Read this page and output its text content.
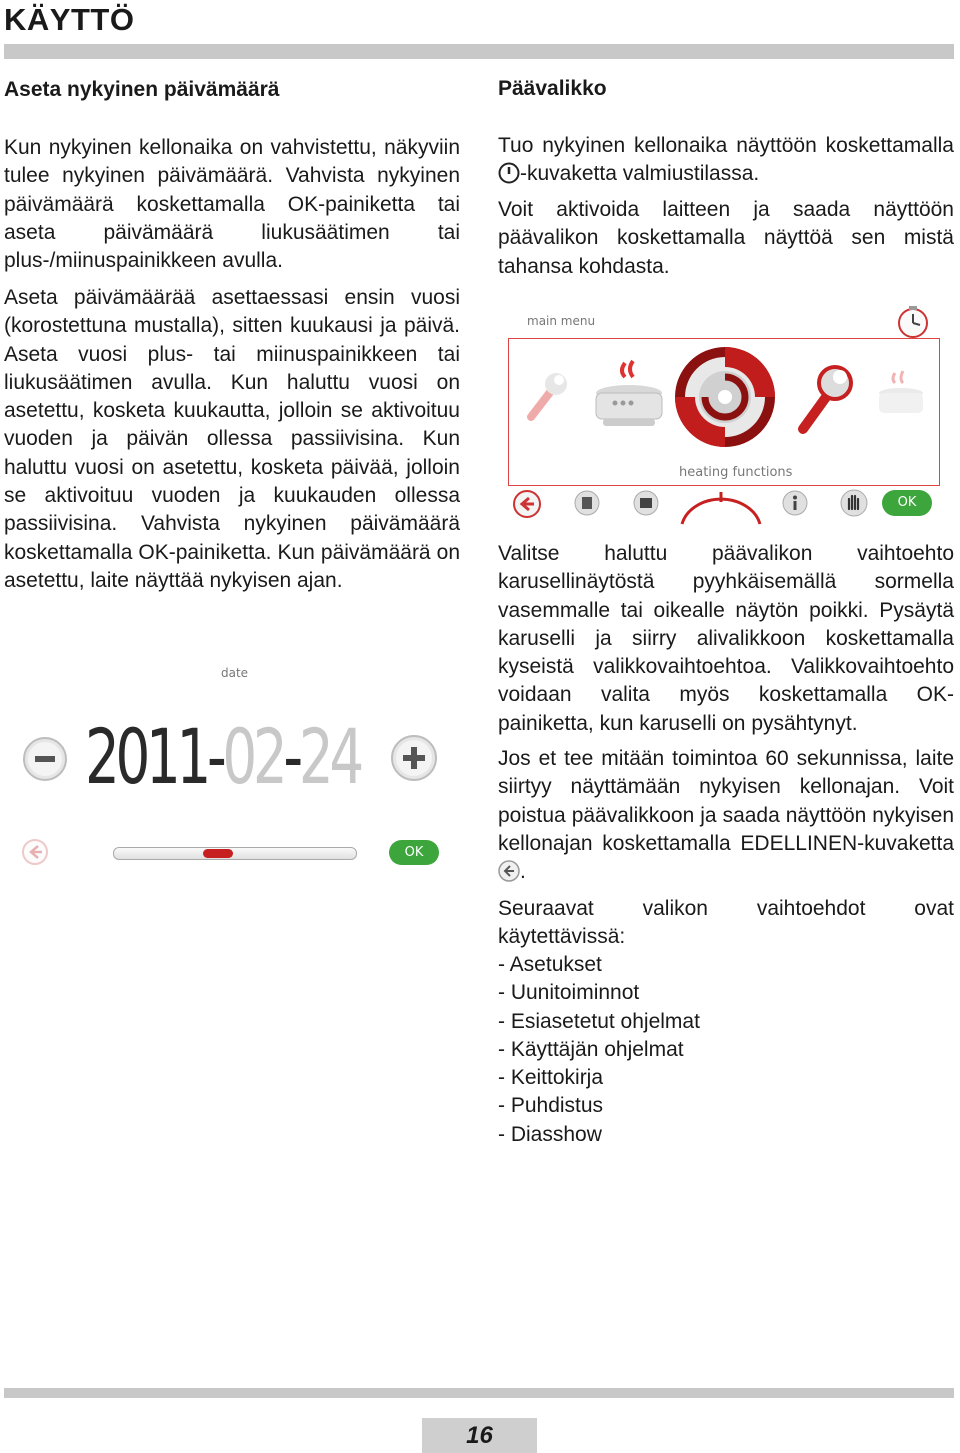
KÄYTTÖ
Aseta nykyinen päivämäärä

Kun nykyinen kellonaika on vahvistettu, näkyviin tulee nykyinen päivämäärä. Vahvista nykyinen päivämäärä koskettamalla OK-painiketta tai aseta päivämäärä liukusäätimen tai plus-/miinuspainikkeen avulla.

Aseta päivämäärää asettaessasi ensin vuosi (korostettuna mustalla), sitten kuukausi ja päivä. Aseta vuosi plus- tai miinuspainikkeen tai liukusäätimen avulla. Kun haluttu vuosi on asetettu, kosketa kuukautta, jolloin se aktivoituu vuoden ja päivän ollessa passiivisina. Kun haluttu vuosi on asetettu, kosketa päivää, jolloin se aktivoituu vuoden ja kuukauden ollessa passiivisina. Vahvista nykyinen päivämäärä koskettamalla OK-painiketta. Kun päivämäärä on asetettu, laite näyttää nykyisen ajan.

date
2011-02-24
OK
Päävalikko

Tuo nykyinen kellonaika näyttöön koskettamalla -kuvaketta valmiustilassa.

Voit aktivoida laitteen ja saada näyttöön päävalikon koskettamalla näyttöä sen mistä tahansa kohdasta.

main menu
heating functions
OK

Valitse haluttu päävalikon vaihtoehto karusellinäytöstä pyyhkäisemällä sormella vasemmalle tai oikealle näytön poikki. Pysäytä karuselli ja siirry alivalikkoon koskettamalla kyseistä valikkovaihtoehtoa. Valikkovaihtoehto voidaan valita myös koskettamalla OK-painiketta, kun karuselli on pysähtynyt.

Jos et tee mitään toimintoa 60 sekunnissa, laite siirtyy näyttämään nykyisen kellonajan. Voit poistua päävalikkoon ja saada näyttöön nykyisen kellonajan koskettamalla EDELLINEN-kuvaketta .

Seuraavat valikon vaihtoehdot ovat käytettävissä:

- Asetukset
- Uunitoiminnot
- Esiasetetut ohjelmat
- Käyttäjän ohjelmat
- Keittokirja
- Puhdistus
- Diasshow
16
